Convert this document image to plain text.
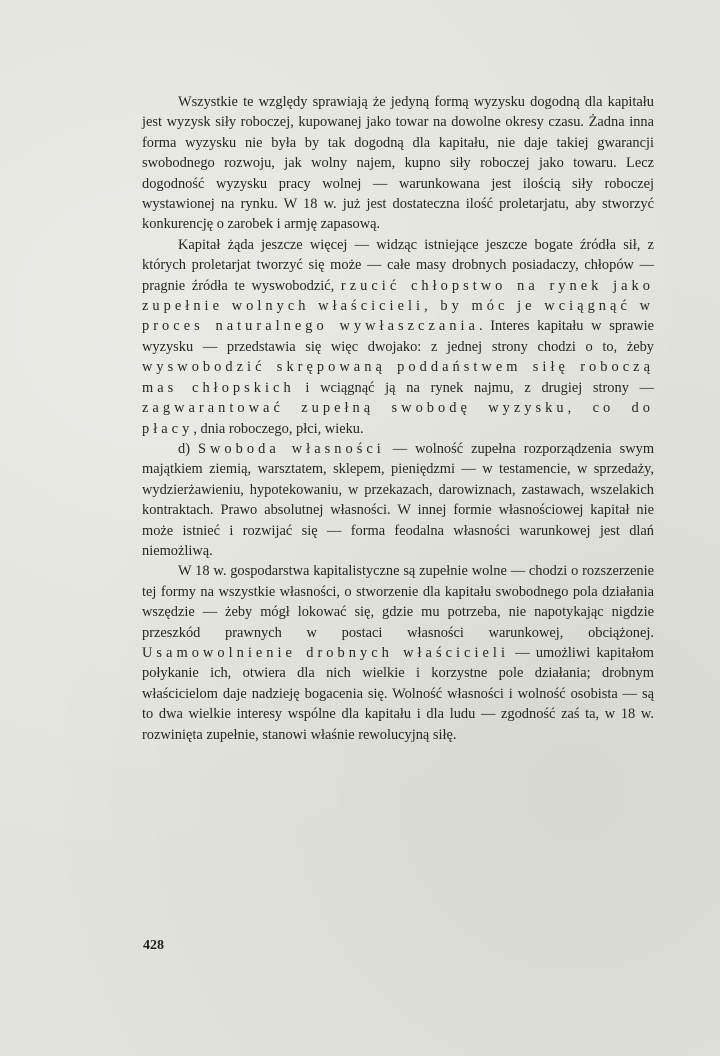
Wszystkie te względy sprawiają że jedyną formą wyzysku dogodną dla kapitału jest wyzysk siły roboczej, kupowanej jako towar na dowolne okresy czasu. Żadna inna forma wyzysku nie była by tak dogodną dla kapitału, nie daje takiej gwarancji swobodnego rozwoju, jak wolny najem, kupno siły roboczej jako towaru. Lecz dogodność wyzysku pracy wolnej — warunkowana jest ilością siły roboczej wystawionej na rynku. W 18 w. już jest dostateczna ilość proletarjatu, aby stworzyć konkurencję o zarobek i armję zapasową.

Kapitał żąda jeszcze więcej — widząc istniejące jeszcze bogate źródła sił, z których proletarjat tworzyć się może — całe masy drobnych posiadaczy, chłopów — pragnie źródła te wyswobodzić, rzucić chłopstwo na rynek jako zupełnie wolnych właścicieli, by móc je wciągnąć w proces naturalnego wywłaszczania. Interes kapitału w sprawie wyzysku — przedstawia się więc dwojako: z jednej strony chodzi o to, żeby wyswobodzić skrępowaną poddaństwem siłę roboczą mas chłopskich i wciągnąć ją na rynek najmu, z drugiej strony — zagwarantować zupełną swobodę wyzysku, co do płacy, dnia roboczego, płci, wieku.

d) Swoboda własności — wolność zupełna rozporządzenia swym majątkiem ziemią, warsztatem, sklepem, pieniędzmi — w testamencie, w sprzedaży, wydzierżawieniu, hypotekowaniu, w przekazach, darowiznach, zastawach, wszelakich kontraktach. Prawo absolutnej własności. W innej formie własnościowej kapitał nie może istnieć i rozwijać się — forma feodalna własności warunkowej jest dlań niemożliwą.

W 18 w. gospodarstwa kapitalistyczne są zupełnie wolne — chodzi o rozszerzenie tej formy na wszystkie własności, o stworzenie dla kapitału swobodnego pola działania wszędzie — żeby mógł lokować się, gdzie mu potrzeba, nie napotykając nigdzie przeszkód prawnych w postaci własności warunkowej, obciążonej. Usamowolnienie drobnych właścicieli — umożliwi kapitałom połykanie ich, otwiera dla nich wielkie i korzystne pole działania; drobnym właścicielom daje nadzieję bogacenia się. Wolność własności i wolność osobista — są to dwa wielkie interesy wspólne dla kapitału i dla ludu — zgodność zaś ta, w 18 w. rozwinięta zupełnie, stanowi właśnie rewolucyjną siłę.

428
